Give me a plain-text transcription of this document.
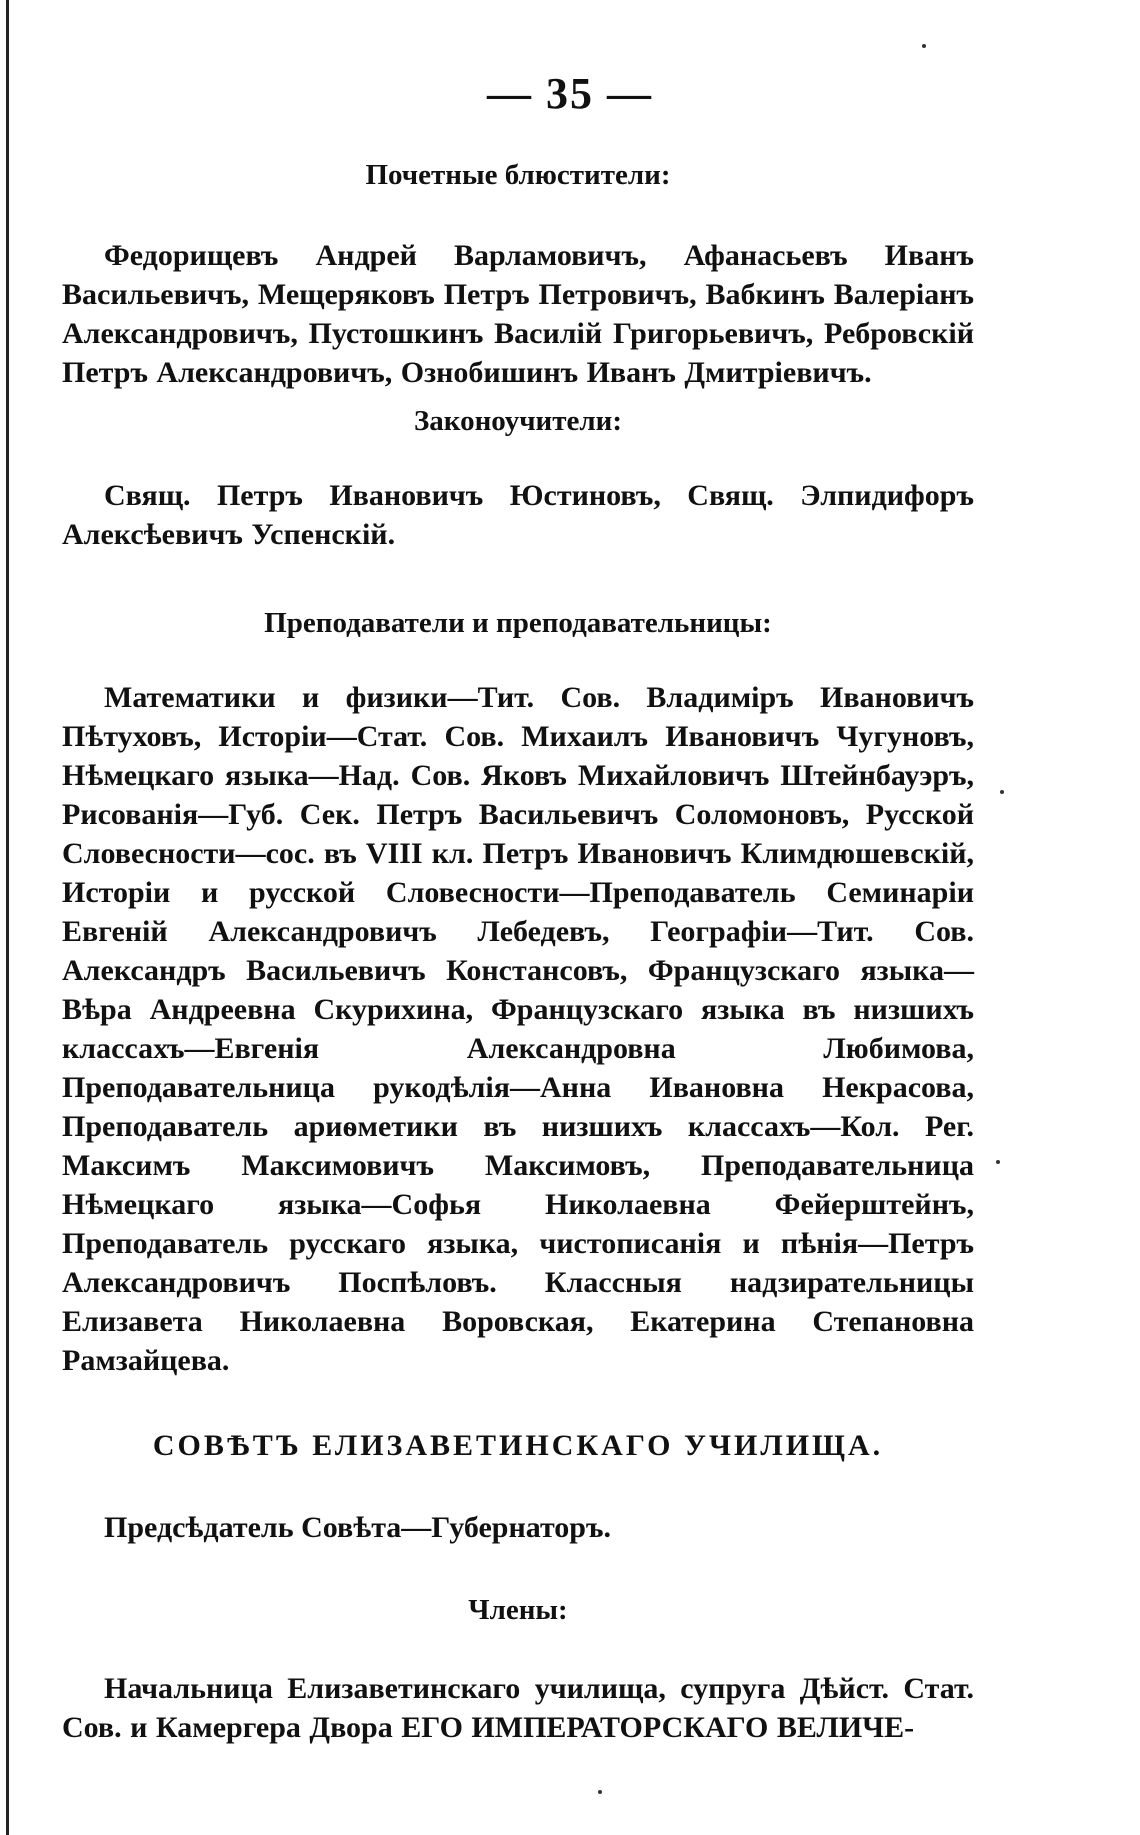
— 35 —

Почетные блюстители:

Федорищевъ Андрей Варламовичъ, Афанасьевъ Иванъ Васильевичъ, Мещеряковъ Петръ Петровичъ, Вабкинъ Валеріанъ Александровичъ, Пустошкинъ Василій Григорьевичъ, Ребровскій Петръ Александровичъ, Ознобишинъ Иванъ Дмитріевичъ.

Законоучители:

Свящ. Петръ Ивановичъ Юстиновъ, Свящ. Элпидифоръ Алексѣевичъ Успенскій.

Преподаватели и преподавательницы:

Математики и физики—Тит. Сов. Владиміръ Ивановичъ Пѣтуховъ, Исторіи—Стат. Сов. Михаилъ Ивановичъ Чугуновъ, Нѣмецкаго языка—Над. Сов. Яковъ Михайловичъ Штейнбауэръ, Рисованія—Губ. Сек. Петръ Васильевичъ Соломоновъ, Русской Словесности—сос. въ VIII кл. Петръ Ивановичъ Климдюшевскій, Исторіи и русской Словесности—Преподаватель Семинаріи Евгеній Александровичъ Лебедевъ, Географіи—Тит. Сов. Александръ Васильевичъ Констансовъ, Французскаго языка—Вѣра Андреевна Скурихина, Французскаго языка въ низшихъ классахъ—Евгенія Александровна Любимова, Преподавательница рукодѣлія—Анна Ивановна Некрасова, Преподаватель ариѳметики въ низшихъ классахъ—Кол. Рег. Максимъ Максимовичъ Максимовъ, Преподавательница Нѣмецкаго языка—Софья Николаевна Фейерштейнъ, Преподаватель русскаго языка, чистописанія и пѣнія—Петръ Александровичъ Поспѣловъ. Классныя надзирательницы Елизавета Николаевна Воровская, Екатерина Степановна Рамзайцева.

СОВѢТЪ ЕЛИЗАВЕТИНСКАГО УЧИЛИЩА.

Предсѣдатель Совѣта—Губернаторъ.

Члены:

Начальница Елизаветинскаго училища, супруга Дѣйст. Стат. Сов. и Камергера Двора ЕГО ИМПЕРАТОРСКАГО ВЕЛИЧЕ-
